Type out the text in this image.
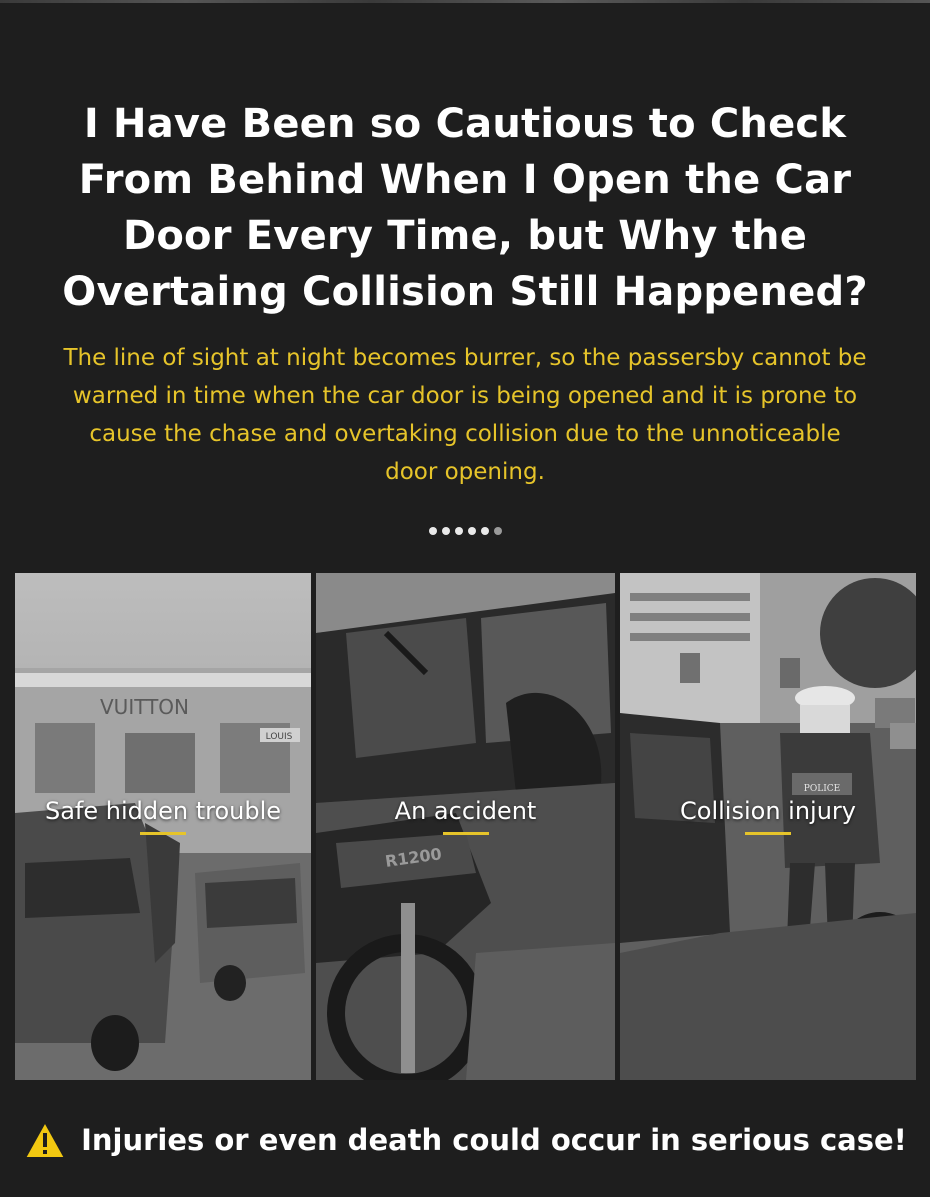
I Have Been so Cautious to Check From Behind When I Open the Car Door Every Time, but Why the Overtaing Collision Still Happened?

The line of sight at night becomes burrer, so the passersby cannot be warned in time when the car door is being opened and it is prone to cause the chase and overtaking collision due to the unnoticeable door opening.

LOUIS
VUITTON
Safe hidden trouble
R1200
An accident
POLICE
Collision injury
Injuries or even death could occur in serious case!
